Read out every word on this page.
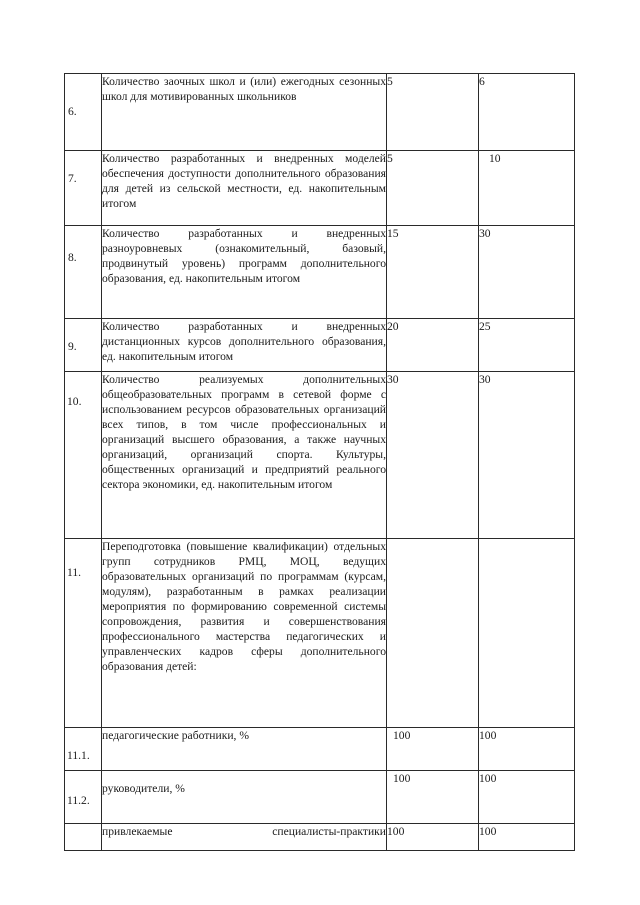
6.	Количество заочных школ и (или) ежегодных сезонных школ для мотивированных школьников	5	6

7.	Количество разработанных и внедренных моделей обеспечения доступности дополнительного образования для детей из сельской местности, ед. накопительным итогом	5	10

8.	Количество разработанных и внедренных разноуровневых (ознакомительный, базовый, продвинутый уровень) программ дополнительного образования, ед. накопительным итогом	15	30

9.	Количество разработанных и внедренных дистанционных курсов дополнительного образования, ед. накопительным итогом	20	25

10.	Количество реализуемых дополнительных общеобразовательных программ в сетевой форме с использованием ресурсов образовательных организаций всех типов, в том числе профессиональных и организаций высшего образования, а также научных организаций, организаций спорта. Культуры, общественных организаций и предприятий реального сектора экономики, ед. накопительным итогом	30	30

11.	Переподготовка (повышение квалификации) отдельных групп сотрудников РМЦ, МОЦ, ведущих образовательных организаций по программам (курсам, модулям), разработанным в рамках реализации мероприятия по формированию современной системы сопровождения, развития и совершенствования профессионального мастерства педагогических и управленческих кадров сферы дополнительного образования детей:		

11.1.	педагогические работники, %	100	100

11.2.	руководители, %	100	100

	привлекаемые специалисты-практики	100	100
